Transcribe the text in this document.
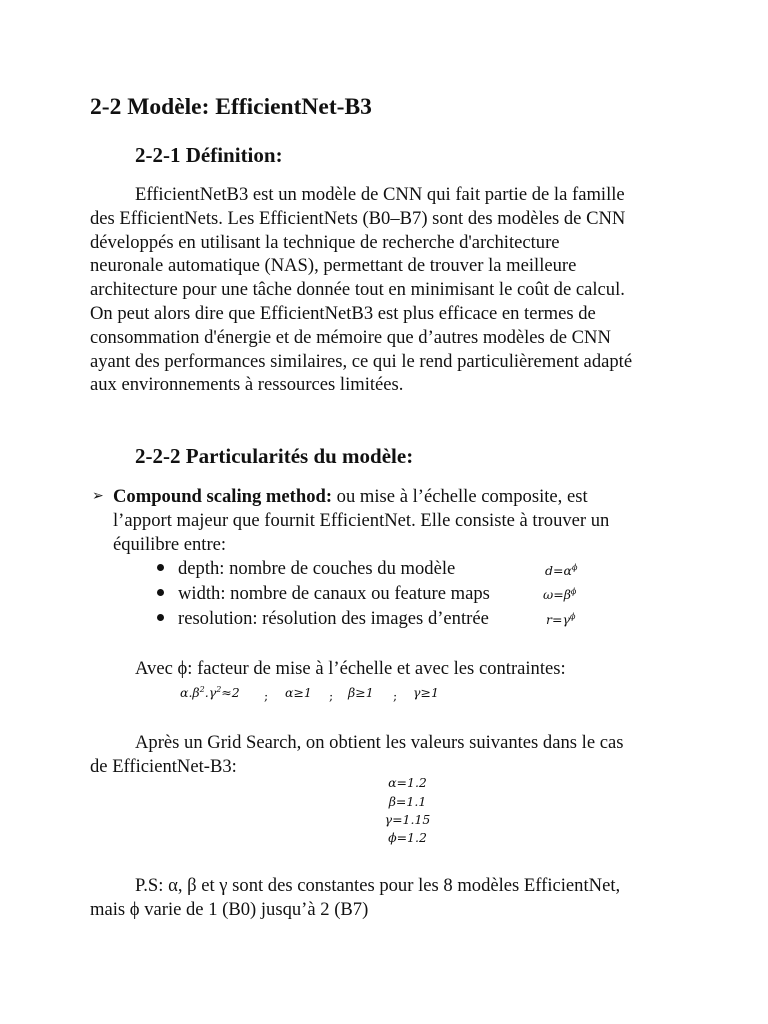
2-2 Modèle: EfficientNet-B3
2-2-1 Définition:
EfficientNetB3 est un modèle de CNN qui fait partie de la famille
des EfficientNets. Les EfficientNets (B0–B7) sont des modèles de CNN
développés en utilisant la technique de recherche d'architecture
neuronale automatique (NAS), permettant de trouver la meilleure
architecture pour une tâche donnée tout en minimisant le coût de calcul.
On peut alors dire que EfficientNetB3 est plus efficace en termes de
consommation d'énergie et de mémoire que d’autres modèles de CNN
ayant des performances similaires, ce qui le rend particulièrement adapté
aux environnements à ressources limitées.
2-2-2 Particularités du modèle:
➢ Compound scaling method: ou mise à l’échelle composite, est
l’apport majeur que fournit EfficientNet. Elle consiste à trouver un
équilibre entre:
depth: nombre de couches du modèle	$d=\alpha^\phi$
width: nombre de canaux ou feature maps	$\omega=\beta^\phi$
resolution: résolution des images d’entrée	$r=\gamma^\phi$
Avec ϕ: facteur de mise à l’échelle et avec les contraintes:
$\alpha.\beta^2.\gamma^2\approx 2$ ; α≥1 ; β≥1 ; γ≥1
Après un Grid Search, on obtient les valeurs suivantes dans le cas
de EfficientNet-B3:
α=1.2
β=1.1
γ=1.15
ϕ=1.2
P.S: α, β et γ sont des constantes pour les 8 modèles EfficientNet,
mais ϕ varie de 1 (B0) jusqu’à 2 (B7)
